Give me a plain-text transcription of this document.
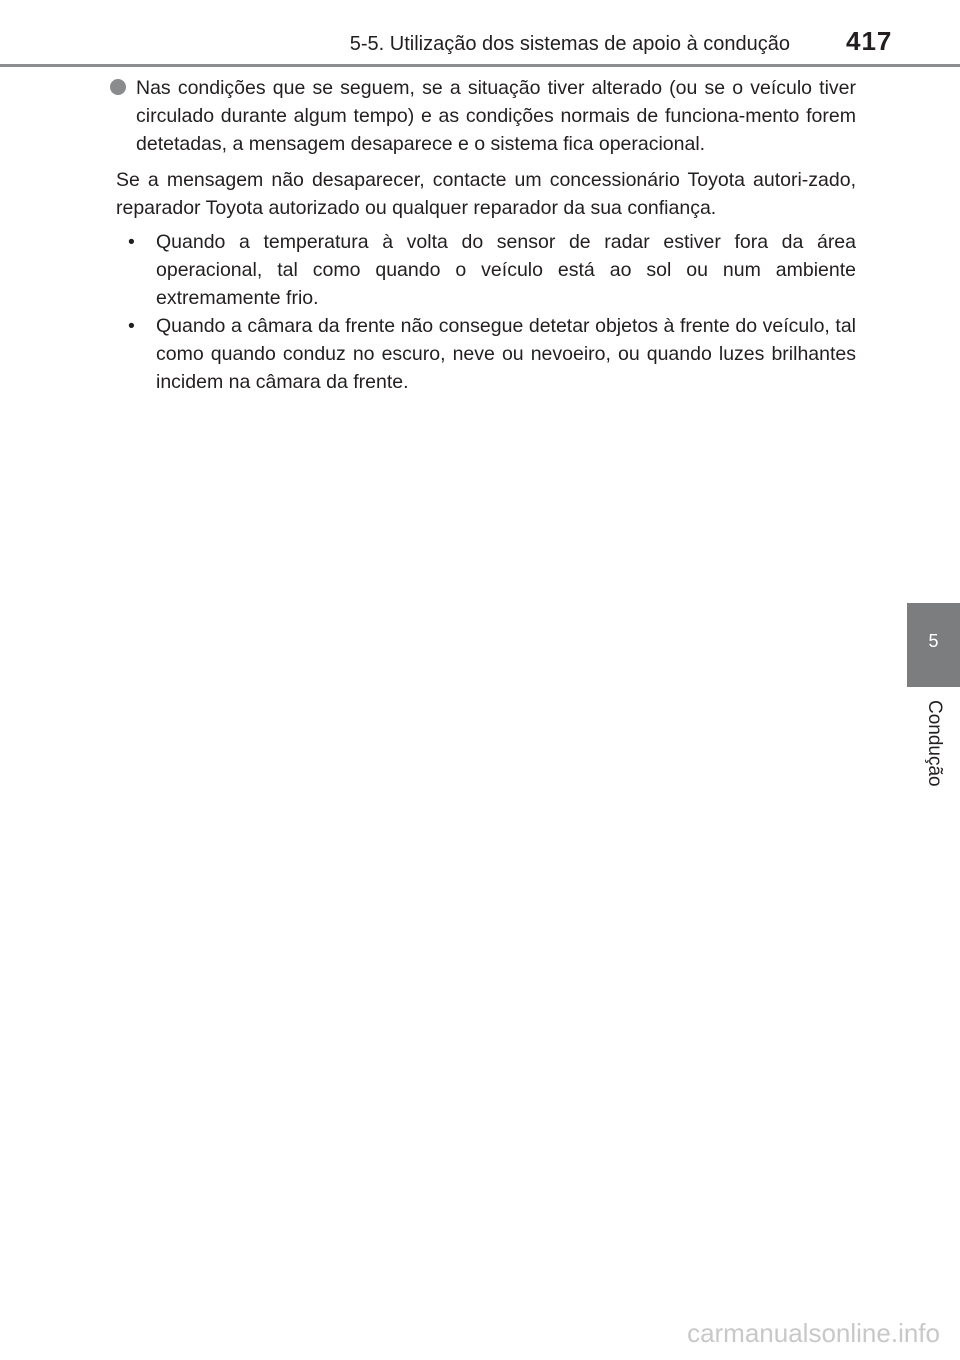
5-5. Utilização dos sistemas de apoio à condução 417

Nas condições que se seguem, se a situação tiver alterado (ou se o veículo tiver circulado durante algum tempo) e as condições normais de funciona-mento forem detetadas, a mensagem desaparece e o sistema fica operacional.

Se a mensagem não desaparecer, contacte um concessionário Toyota autori-zado, reparador Toyota autorizado ou qualquer reparador da sua confiança.

•	Quando a temperatura à volta do sensor de radar estiver fora da área operacional, tal como quando o veículo está ao sol ou num ambiente extremamente frio.
•	Quando a câmara da frente não consegue detetar objetos à frente do veículo, tal como quando conduz no escuro, neve ou nevoeiro, ou quando luzes brilhantes incidem na câmara da frente.
5
Condução
carmanualsonline.info
